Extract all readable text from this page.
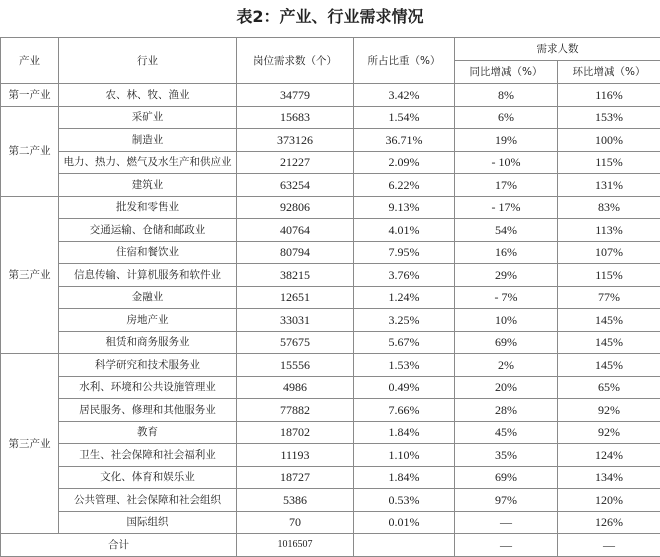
表2：产业、行业需求情况
产业	行业	岗位需求数（个）	所占比重（%）	需求人数	
				同比增减（%）	环比增减（%）
第一产业	农、林、牧、渔业	34779	3.42%	8%	116%
第二产业	采矿业	15683	1.54%	6%	153%
	制造业	373126	36.71%	19%	100%
	电力、热力、燃气及水生产和供应业	21227	2.09%	- 10%	115%
	建筑业	63254	6.22%	17%	131%
第三产业	批发和零售业	92806	9.13%	- 17%	83%
	交通运输、仓储和邮政业	40764	4.01%	54%	113%
	住宿和餐饮业	80794	7.95%	16%	107%
	信息传输、计算机服务和软件业	38215	3.76%	29%	115%
	金融业	12651	1.24%	- 7%	77%
	房地产业	33031	3.25%	10%	145%
	租赁和商务服务业	57675	5.67%	69%	145%
第三产业	科学研究和技术服务业	15556	1.53%	2%	145%
	水利、环境和公共设施管理业	4986	0.49%	20%	65%
	居民服务、修理和其他服务业	77882	7.66%	28%	92%
	教育	18702	1.84%	45%	92%
	卫生、社会保障和社会福利业	11193	1.10%	35%	124%
	文化、体育和娱乐业	18727	1.84%	69%	134%
	公共管理、社会保障和社会组织	5386	0.53%	97%	120%
	国际组织	70	0.01%	—	126%
合计		1016507		—	—
